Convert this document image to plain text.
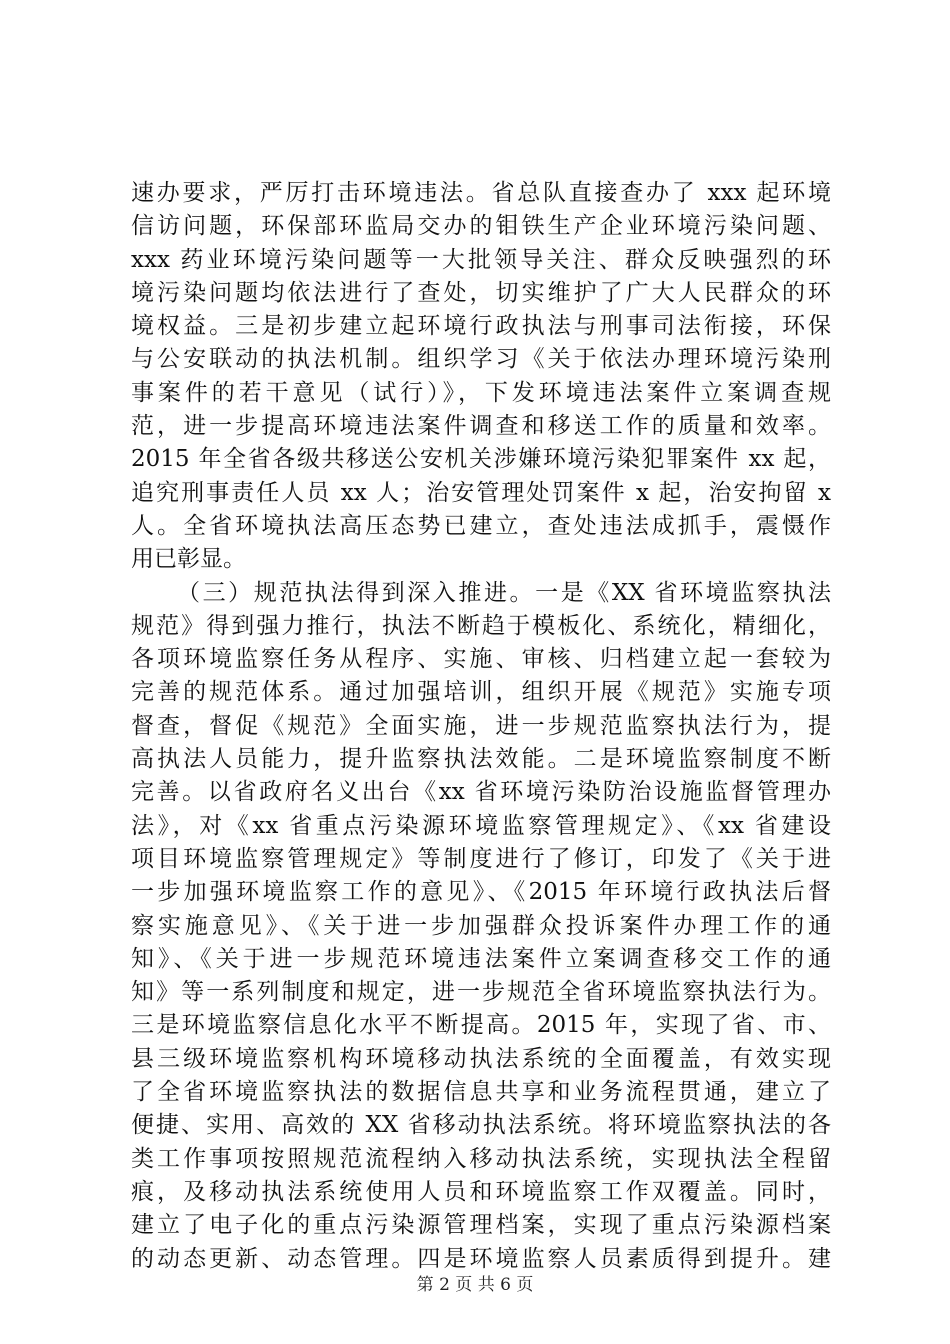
速办要求，严厉打击环境违法。省总队直接查办了 xxx 起环境
信访问题，环保部环监局交办的钼铁生产企业环境污染问题、
xxx 药业环境污染问题等一大批领导关注、群众反映强烈的环
境污染问题均依法进行了查处，切实维护了广大人民群众的环
境权益。三是初步建立起环境行政执法与刑事司法衔接，环保
与公安联动的执法机制。组织学习《关于依法办理环境污染刑
事案件的若干意见（试行）》，下发环境违法案件立案调查规
范，进一步提高环境违法案件调查和移送工作的质量和效率。
2015 年全省各级共移送公安机关涉嫌环境污染犯罪案件 xx 起，
追究刑事责任人员 xx 人；治安管理处罚案件 x 起，治安拘留 x
人。全省环境执法高压态势已建立，查处违法成抓手，震慑作
用已彰显。
（三）规范执法得到深入推进。一是《XX 省环境监察执法
规范》得到强力推行，执法不断趋于模板化、系统化，精细化，
各项环境监察任务从程序、实施、审核、归档建立起一套较为
完善的规范体系。通过加强培训，组织开展《规范》实施专项
督查，督促《规范》全面实施，进一步规范监察执法行为，提
高执法人员能力，提升监察执法效能。二是环境监察制度不断
完善。以省政府名义出台《xx 省环境污染防治设施监督管理办
法》，对《xx 省重点污染源环境监察管理规定》、《xx 省建设
项目环境监察管理规定》等制度进行了修订，印发了《关于进
一步加强环境监察工作的意见》、《2015 年环境行政执法后督
察实施意见》、《关于进一步加强群众投诉案件办理工作的通
知》、《关于进一步规范环境违法案件立案调查移交工作的通
知》等一系列制度和规定，进一步规范全省环境监察执法行为。
三是环境监察信息化水平不断提高。2015 年，实现了省、市、
县三级环境监察机构环境移动执法系统的全面覆盖，有效实现
了全省环境监察执法的数据信息共享和业务流程贯通，建立了
便捷、实用、高效的 XX 省移动执法系统。将环境监察执法的各
类工作事项按照规范流程纳入移动执法系统，实现执法全程留
痕，及移动执法系统使用人员和环境监察工作双覆盖。同时，
建立了电子化的重点污染源管理档案，实现了重点污染源档案
的动态更新、动态管理。四是环境监察人员素质得到提升。建
第 2 页 共 6 页
